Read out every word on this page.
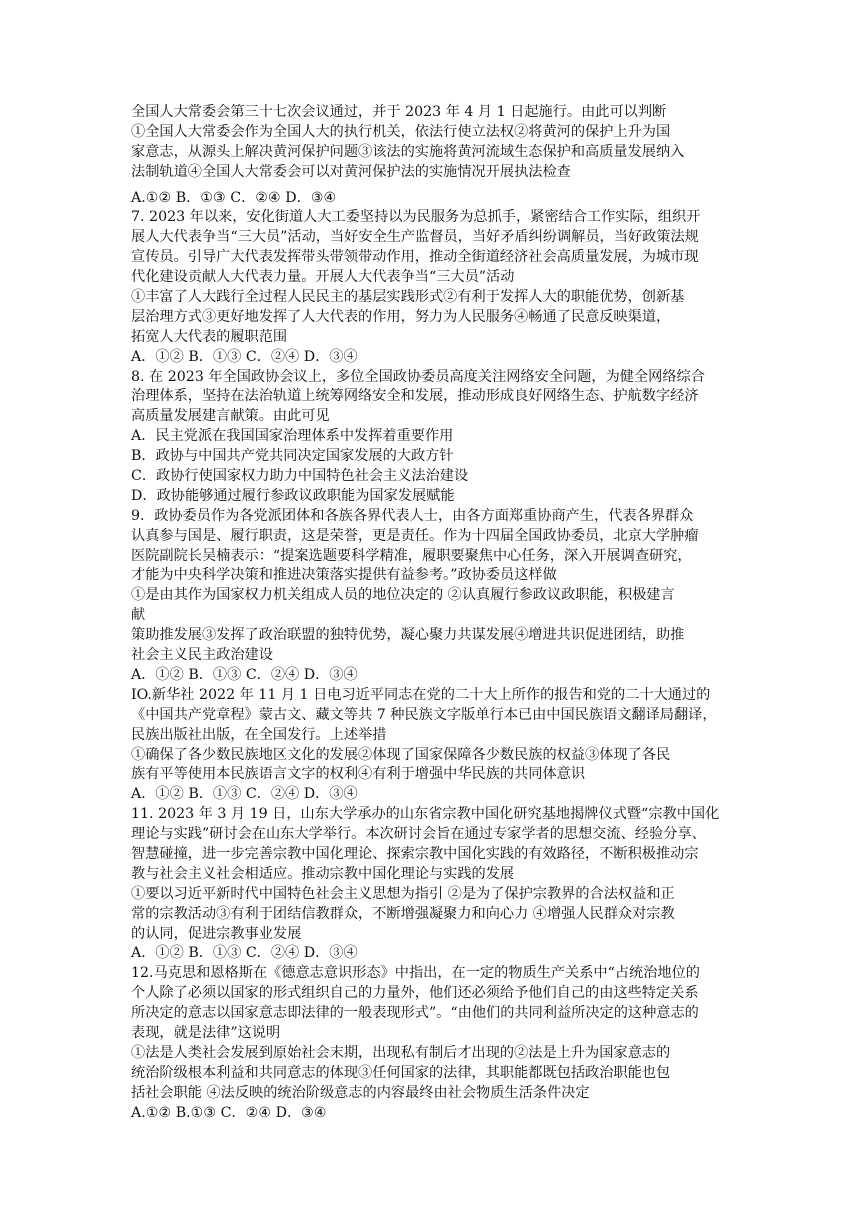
全国人大常委会第三十七次会议通过，并于 2023 年 4 月 1 日起施行。由此可以判断
①全国人大常委会作为全国人大的执行机关，依法行使立法权②将黄河的保护上升为国
家意志，从源头上解决黄河保护问题③该法的实施将黄河流域生态保护和高质量发展纳入
法制轨道④全国人大常委会可以对黄河保护法的实施情况开展执法检查
A.①② B．①③ C．②④ D．③④
7. 2023 年以来，安化街道人大工委坚持以为民服务为总抓手，紧密结合工作实际，组织开
展人大代表争当“三大员”活动，当好安全生产监督员，当好矛盾纠纷调解员，当好政策法规
宣传员。引导广大代表发挥带头带领带动作用，推动全街道经济社会高质量发展，为城市现
代化建设贡献人大代表力量。开展人大代表争当“三大员”活动
①丰富了人大践行全过程人民民主的基层实践形式②有利于发挥人大的职能优势，创新基
层治理方式③更好地发挥了人大代表的作用，努力为人民服务④畅通了民意反映渠道，
拓宽人大代表的履职范围
A．①② B．①③ C．②④ D．③④
8. 在 2023 年全国政协会议上，多位全国政协委员高度关注网络安全问题，为健全网络综合
治理体系，坚持在法治轨道上统筹网络安全和发展，推动形成良好网络生态、护航数字经济
高质量发展建言献策。由此可见
A．民主党派在我国国家治理体系中发挥着重要作用
B．政协与中国共产党共同决定国家发展的大政方针
C．政协行使国家权力助力中国特色社会主义法治建设
D．政协能够通过履行参政议政职能为国家发展赋能
9．政协委员作为各党派团体和各族各界代表人士，由各方面郑重协商产生，代表各界群众
认真参与国是、履行职责，这是荣誉，更是责任。作为十四届全国政协委员，北京大学肿瘤
医院副院长吴楠表示：“提案选题要科学精准，履职要聚焦中心任务，深入开展调查研究，
才能为中央科学决策和推进决策落实提供有益参考。”政协委员这样做
①是由其作为国家权力机关组成人员的地位决定的 ②认真履行参政议政职能，积极建言
献
策助推发展③发挥了政治联盟的独特优势，凝心聚力共谋发展④增进共识促进团结，助推
社会主义民主政治建设
A．①② B．①③ C．②④ D．③④
IO.新华社 2022 年 11 月 1 日电习近平同志在党的二十大上所作的报告和党的二十大通过的
《中国共产党章程》蒙古文、藏文等共 7 种民族文字版单行本已由中国民族语文翻译局翻译，
民族出版社出版，在全国发行。上述举措
①确保了各少数民族地区文化的发展②体现了国家保障各少数民族的权益③体现了各民
族有平等使用本民族语言文字的权利④有利于增强中华民族的共同体意识
A．①② B．①③ C．②④ D．③④
11. 2023 年 3 月 19 日，山东大学承办的山东省宗教中国化研究基地揭牌仪式暨“宗教中国化
理论与实践”研讨会在山东大学举行。本次研讨会旨在通过专家学者的思想交流、经验分享、
智慧碰撞，进一步完善宗教中国化理论、探索宗教中国化实践的有效路径，不断积极推动宗
教与社会主义社会相适应。推动宗教中国化理论与实践的发展
①要以习近平新时代中国特色社会主义思想为指引 ②是为了保护宗教界的合法权益和正
常的宗教活动③有利于团结信教群众，不断增强凝聚力和向心力 ④增强人民群众对宗教
的认同，促进宗教事业发展
A．①② B．①③ C．②④ D．③④
12.马克思和恩格斯在《德意志意识形态》中指出，在一定的物质生产关系中“占统治地位的
个人除了必须以国家的形式组织自己的力量外，他们还必须给予他们自己的由这些特定关系
所决定的意志以国家意志即法律的一般表现形式”。“由他们的共同利益所决定的这种意志的
表现，就是法律”这说明
①法是人类社会发展到原始社会末期，出现私有制后才出现的②法是上升为国家意志的
统治阶级根本利益和共同意志的体现③任何国家的法律，其职能都既包括政治职能也包
括社会职能 ④法反映的统治阶级意志的内容最终由社会物质生活条件决定
A.①② B.①③ C．②④ D．③④
